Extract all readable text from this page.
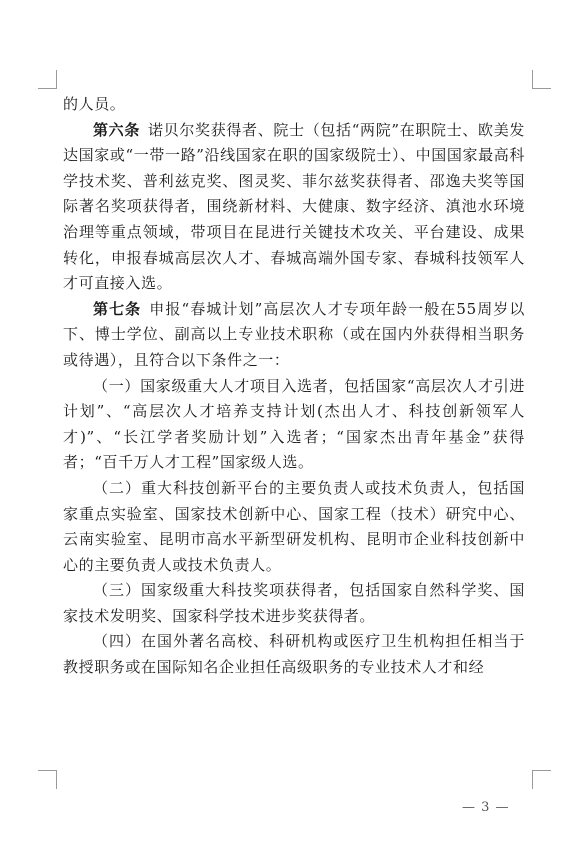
的人员。

第六条 诺贝尔奖获得者、院士（包括“两院”在职院士、欧美发达国家或“一带一路”沿线国家在职的国家级院士）、中国国家最高科学技术奖、普利兹克奖、图灵奖、菲尔兹奖获得者、邵逸夫奖等国际著名奖项获得者，围绕新材料、大健康、数字经济、滇池水环境治理等重点领域，带项目在昆进行关键技术攻关、平台建设、成果转化，申报春城高层次人才、春城高端外国专家、春城科技领军人才可直接入选。

第七条 申报“春城计划”高层次人才专项年龄一般在55周岁以下、博士学位、副高以上专业技术职称（或在国内外获得相当职务或待遇），且符合以下条件之一：

（一）国家级重大人才项目入选者，包括国家“高层次人才引进计划”、“高层次人才培养支持计划(杰出人才、科技创新领军人才)”、“长江学者奖励计划”入选者；“国家杰出青年基金”获得者；“百千万人才工程”国家级人选。

（二）重大科技创新平台的主要负责人或技术负责人，包括国家重点实验室、国家技术创新中心、国家工程（技术）研究中心、云南实验室、昆明市高水平新型研发机构、昆明市企业科技创新中心的主要负责人或技术负责人。

（三）国家级重大科技奖项获得者，包括国家自然科学奖、国家技术发明奖、国家科学技术进步奖获得者。

（四）在国外著名高校、科研机构或医疗卫生机构担任相当于教授职务或在国际知名企业担任高级职务的专业技术人才和经

— 3 —
